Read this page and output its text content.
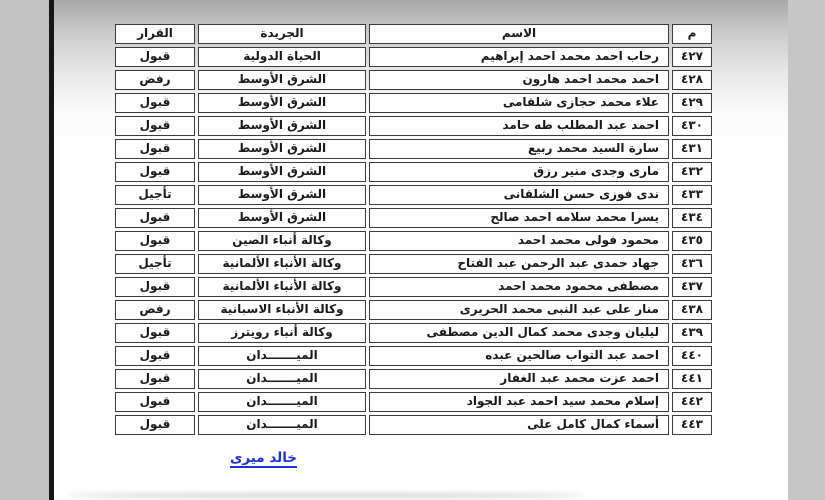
م	الاسم	الجريدة	القرار
٤٢٧	رحاب احمد محمد احمد إبراهيم	الحياة الدولية	قبول
٤٢٨	احمد محمد احمد هارون	الشرق الأوسط	رفض
٤٢٩	علاء محمد حجازى شلقامى	الشرق الأوسط	قبول
٤٣٠	احمد عبد المطلب طه حامد	الشرق الأوسط	قبول
٤٣١	سارة السيد محمد ربيع	الشرق الأوسط	قبول
٤٣٢	مارى وجدى منير رزق	الشرق الأوسط	قبول
٤٣٣	ندى فوزى حسن الشلقانى	الشرق الأوسط	تأجيل
٤٣٤	يسرا محمد سلامه احمد صالح	الشرق الأوسط	قبول
٤٣٥	محمود فولى محمد احمد	وكالة أنباء الصين	قبول
٤٣٦	جهاد حمدى عبد الرحمن عبد الفتاح	وكالة الأنباء الألمانية	تأجيل
٤٣٧	مصطفى محمود محمد احمد	وكالة الأنباء الألمانية	قبول
٤٣٨	منار على عبد النبى محمد الحريرى	وكالة الأنباء الاسبانية	رفض
٤٣٩	ليليان وجدى محمد كمال الدين مصطفى	وكالة أنباء رويترز	قبول
٤٤٠	احمد عبد التواب صالحين عبده	الميـــــــدان	قبول
٤٤١	احمد عزت محمد عبد الغفار	الميـــــــدان	قبول
٤٤٢	إسلام محمد سيد احمد عبد الجواد	الميـــــــدان	قبول
٤٤٣	أسماء كمال كامل على	الميـــــــدان	قبول
خالد ميرى
